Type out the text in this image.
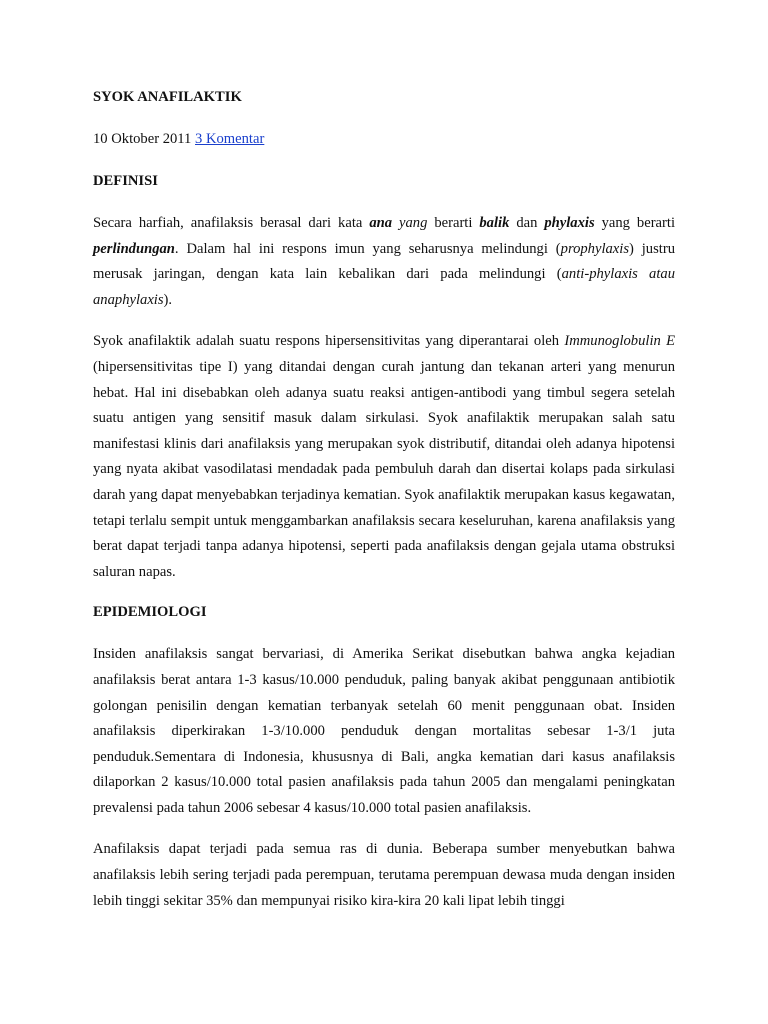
SYOK ANAFILAKTIK
10 Oktober 2011 3 Komentar
DEFINISI

Secara harfiah, anafilaksis berasal dari kata ana yang berarti balik dan phylaxis yang berarti perlindungan. Dalam hal ini respons imun yang seharusnya melindungi (prophylaxis) justru merusak jaringan, dengan kata lain kebalikan dari pada melindungi (anti-phylaxis atau anaphylaxis).

Syok anafilaktik adalah suatu respons hipersensitivitas yang diperantarai oleh Immunoglobulin E (hipersensitivitas tipe I) yang ditandai dengan curah jantung dan tekanan arteri yang menurun hebat. Hal ini disebabkan oleh adanya suatu reaksi antigen-antibodi yang timbul segera setelah suatu antigen yang sensitif masuk dalam sirkulasi. Syok anafilaktik merupakan salah satu manifestasi klinis dari anafilaksis yang merupakan syok distributif, ditandai oleh adanya hipotensi yang nyata akibat vasodilatasi mendadak pada pembuluh darah dan disertai kolaps pada sirkulasi darah yang dapat menyebabkan terjadinya kematian. Syok anafilaktik merupakan kasus kegawatan, tetapi terlalu sempit untuk menggambarkan anafilaksis secara keseluruhan, karena anafilaksis yang berat dapat terjadi tanpa adanya hipotensi, seperti pada anafilaksis dengan gejala utama obstruksi saluran napas.

EPIDEMIOLOGI

Insiden anafilaksis sangat bervariasi, di Amerika Serikat disebutkan bahwa angka kejadian anafilaksis berat antara 1-3 kasus/10.000 penduduk, paling banyak akibat penggunaan antibiotik golongan penisilin dengan kematian terbanyak setelah 60 menit penggunaan obat. Insiden anafilaksis diperkirakan 1-3/10.000 penduduk dengan mortalitas sebesar 1-3/1 juta penduduk.Sementara di Indonesia, khususnya di Bali, angka kematian dari kasus anafilaksis dilaporkan 2 kasus/10.000 total pasien anafilaksis pada tahun 2005 dan mengalami peningkatan prevalensi pada tahun 2006 sebesar 4 kasus/10.000 total pasien anafilaksis.

Anafilaksis dapat terjadi pada semua ras di dunia. Beberapa sumber menyebutkan bahwa anafilaksis lebih sering terjadi pada perempuan, terutama perempuan dewasa muda dengan insiden lebih tinggi sekitar 35% dan mempunyai risiko kira-kira 20 kali lipat lebih tinggi
